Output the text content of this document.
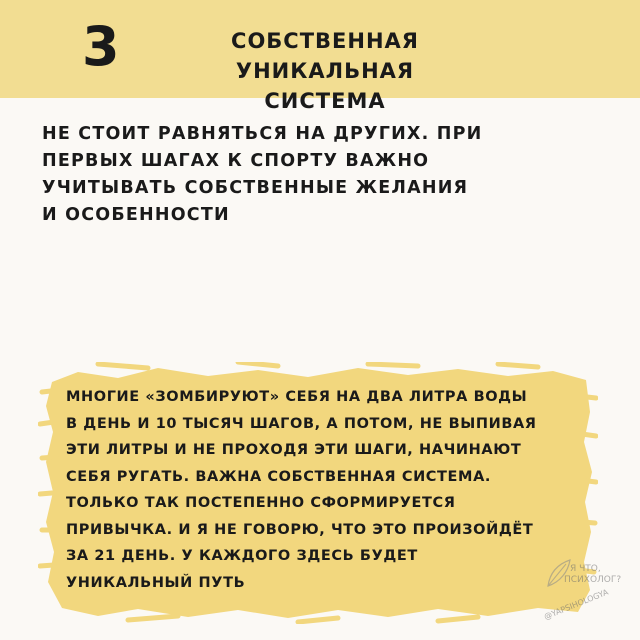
3	СОБСТВЕННАЯ УНИКАЛЬНАЯ
СИСТЕМА
НЕ СТОИТ РАВНЯТЬСЯ НА ДРУГИХ. ПРИ
ПЕРВЫХ ШАГАХ К СПОРТУ ВАЖНО
УЧИТЫВАТЬ СОБСТВЕННЫЕ ЖЕЛАНИЯ
И ОСОБЕННОСТИ
МНОГИЕ «ЗОМБИРУЮТ» СЕБЯ НА ДВА ЛИТРА ВОДЫ
В ДЕНЬ И 10 ТЫСЯЧ ШАГОВ, А ПОТОМ, НЕ ВЫПИВАЯ
ЭТИ ЛИТРЫ И НЕ ПРОХОДЯ ЭТИ ШАГИ, НАЧИНАЮТ
СЕБЯ РУГАТЬ. ВАЖНА СОБСТВЕННАЯ СИСТЕМА.
ТОЛЬКО ТАК ПОСТЕПЕННО СФОРМИРУЕТСЯ
ПРИВЫЧКА. И Я НЕ ГОВОРЮ, ЧТО ЭТО ПРОИЗОЙДЁТ
ЗА 21 ДЕНЬ. У КАЖДОГО ЗДЕСЬ БУДЕТ
УНИКАЛЬНЫЙ ПУТЬ
Я ЧТО,
ПСИХОЛОГ?
@YAPSIHOLOGYA
